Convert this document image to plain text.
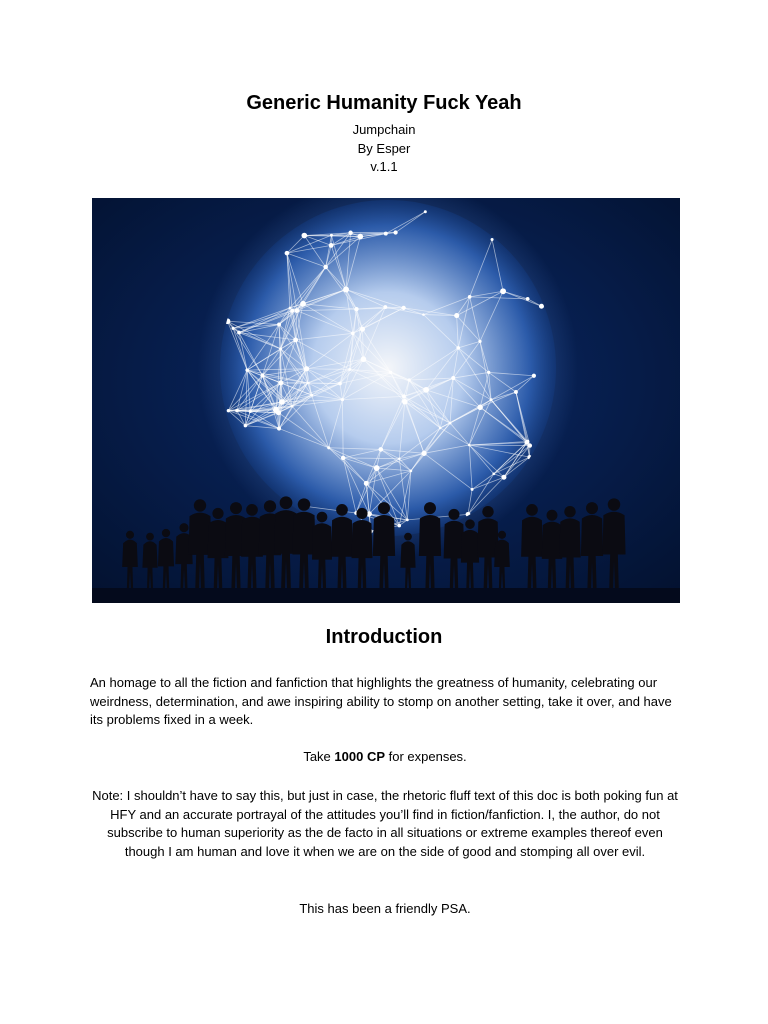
Generic Humanity Fuck Yeah

Jumpchain

By Esper

v.1.1

Introduction

An homage to all the fiction and fanfiction that highlights the greatness of humanity, celebrating our weirdness, determination, and awe inspiring ability to stomp on another setting, take it over, and have its problems fixed in a week.

Take 1000 CP for expenses.

Note: I shouldn’t have to say this, but just in case, the rhetoric fluff text of this doc is both poking fun at HFY and an accurate portrayal of the attitudes you’ll find in fiction/fanfiction. I, the author, do not subscribe to human superiority as the de facto in all situations or extreme examples thereof even though I am human and love it when we are on the side of good and stomping all over evil.

This has been a friendly PSA.
